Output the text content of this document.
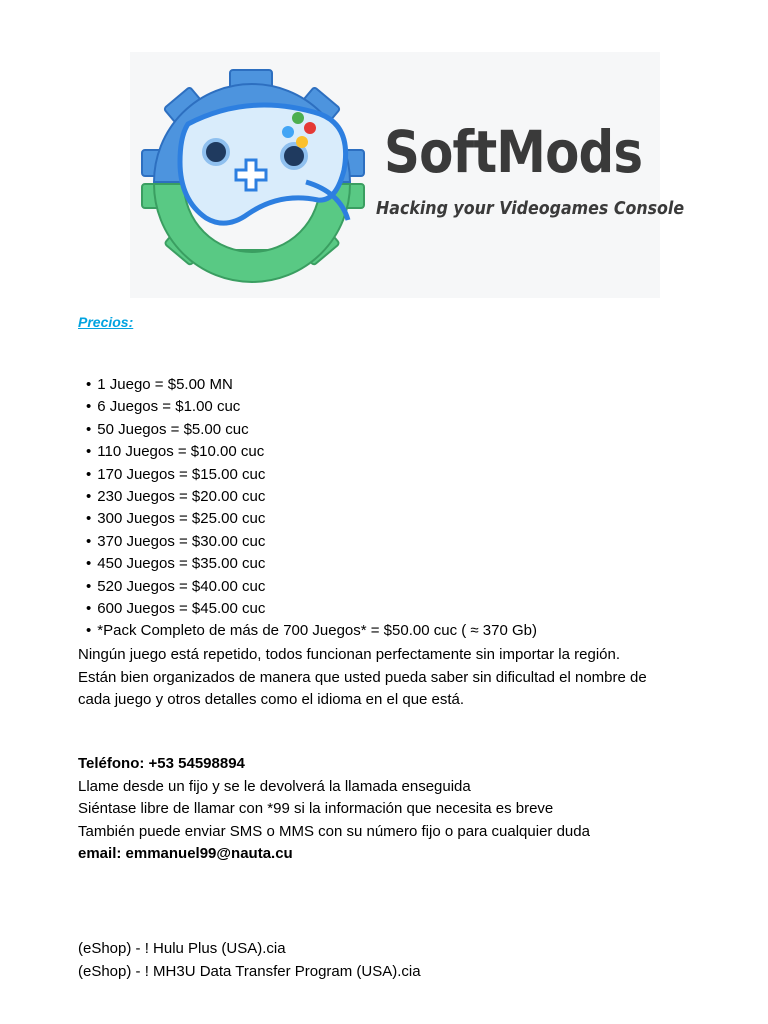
SoftMods
Hacking your Videogames Console
Precios:
• 1 Juego = $5.00 MN
• 6 Juegos = $1.00 cuc
• 50 Juegos = $5.00 cuc
• 110 Juegos = $10.00 cuc
• 170 Juegos = $15.00 cuc
• 230 Juegos = $20.00 cuc
• 300 Juegos = $25.00 cuc
• 370 Juegos = $30.00 cuc
• 450 Juegos = $35.00 cuc
• 520 Juegos = $40.00 cuc
• 600 Juegos = $45.00 cuc
• *Pack Completo de más de 700 Juegos* = $50.00 cuc ( ≈ 370 Gb)
Ningún juego está repetido, todos funcionan perfectamente sin importar la región.
Están bien organizados de manera que usted pueda saber sin dificultad el nombre de
cada juego y otros detalles como el idioma en el que está.
Teléfono: +53 54598894
Llame desde un fijo y se le devolverá la llamada enseguida
Siéntase libre de llamar con *99 si la información que necesita es breve
También puede enviar SMS o MMS con su número fijo o para cualquier duda
email: emmanuel99@nauta.cu
(eShop) - ! Hulu Plus (USA).cia
(eShop) - ! MH3U Data Transfer Program (USA).cia
